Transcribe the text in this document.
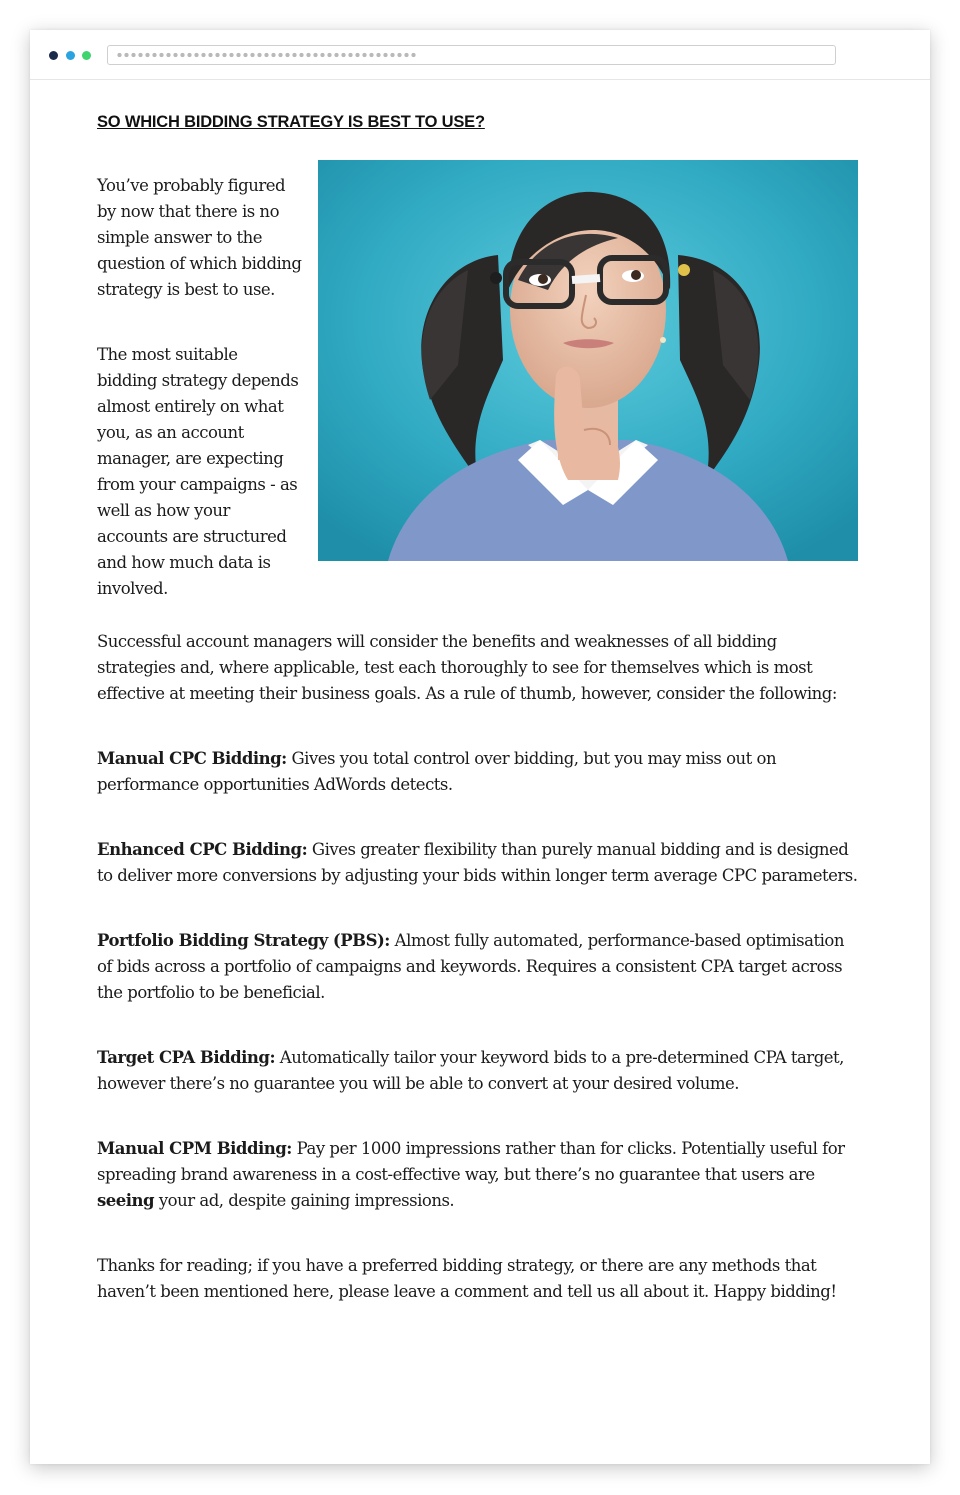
SO WHICH BIDDING STRATEGY IS BEST TO USE?

You’ve probably figured by now that there is no simple answer to the question of which bidding strategy is best to use.

The most suitable bidding strategy depends almost entirely on what you, as an account manager, are expecting from your campaigns - as well as how your accounts are structured and how much data is involved.

Successful account managers will consider the benefits and weaknesses of all bidding strategies and, where applicable, test each thoroughly to see for themselves which is most effective at meeting their business goals. As a rule of thumb, however, consider the following:

Manual CPC Bidding: Gives you total control over bidding, but you may miss out on performance opportunities AdWords detects.

Enhanced CPC Bidding: Gives greater flexibility than purely manual bidding and is designed to deliver more conversions by adjusting your bids within longer term average CPC parameters.

Portfolio Bidding Strategy (PBS): Almost fully automated, performance-based optimisation of bids across a portfolio of campaigns and keywords. Requires a consistent CPA target across the portfolio to be beneficial.

Target CPA Bidding: Automatically tailor your keyword bids to a pre-determined CPA target, however there’s no guarantee you will be able to convert at your desired volume.

Manual CPM Bidding: Pay per 1000 impressions rather than for clicks. Potentially useful for spreading brand awareness in a cost-effective way, but there’s no guarantee that users are seeing your ad, despite gaining impressions.

Thanks for reading; if you have a preferred bidding strategy, or there are any methods that haven’t been mentioned here, please leave a comment and tell us all about it. Happy bidding!
